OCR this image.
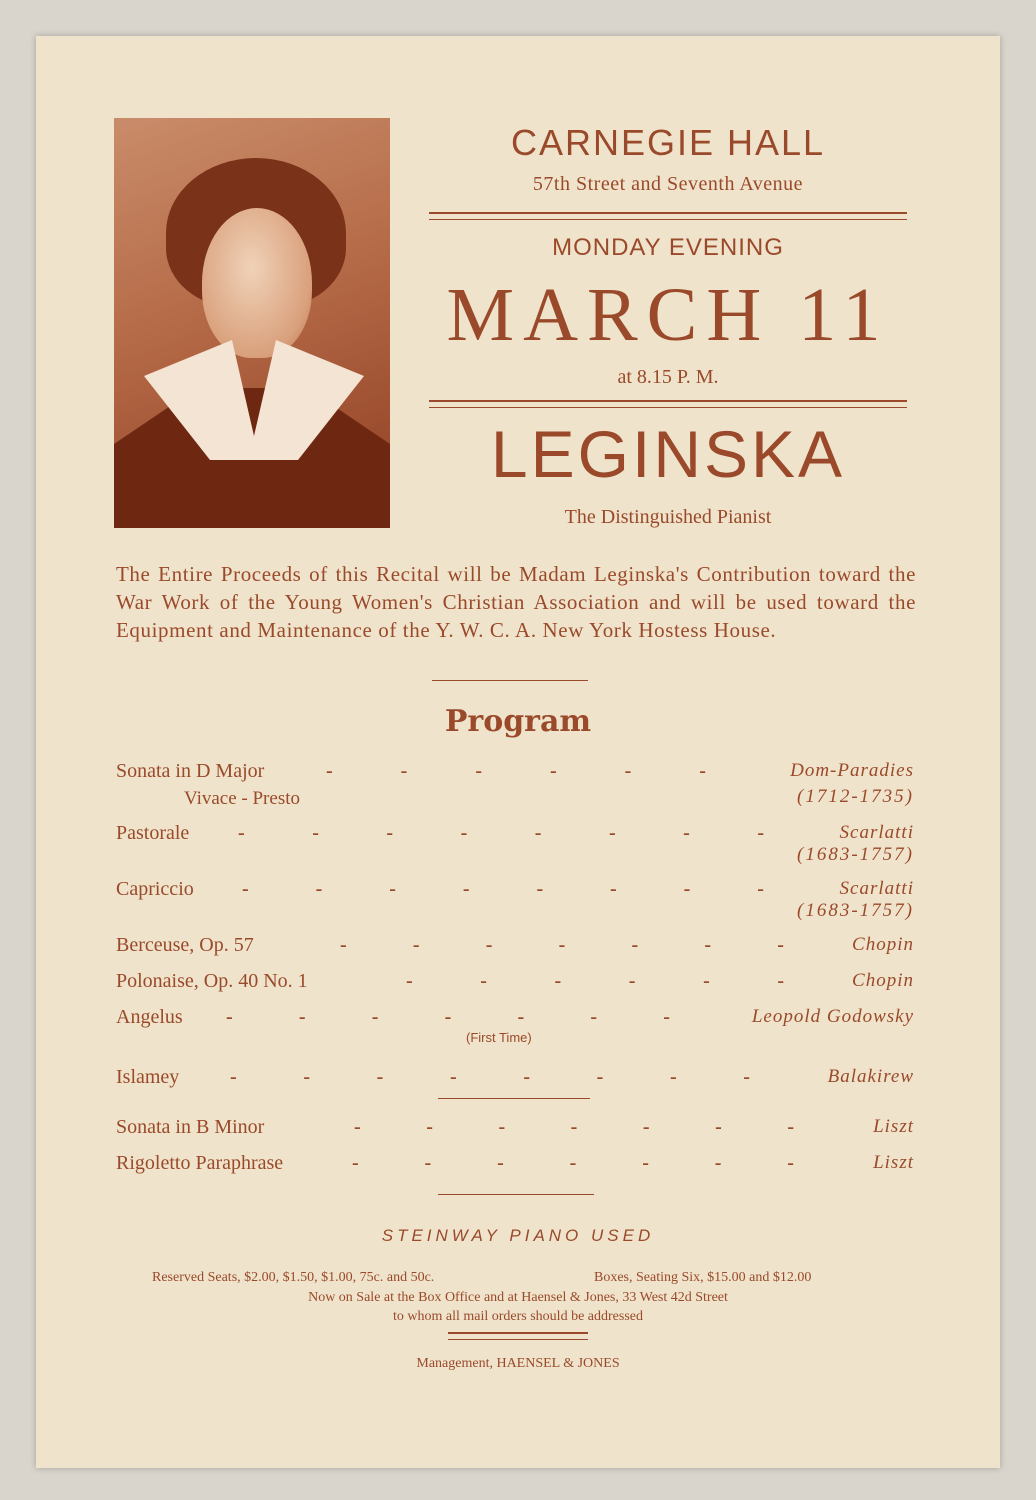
CARNEGIE HALL
57th Street and Seventh Avenue
MONDAY EVENING
MARCH 11
at 8.15 P. M.
LEGINSKA
The Distinguished Pianist
The Entire Proceeds of this Recital will be Madam Leginska's Contribution toward the War Work of the Young Women's Christian Association and will be used toward the Equipment and Maintenance of the Y. W. C. A. New York Hostess House.
Program
Sonata in D Major	-	-	-	-	-	-	Dom-Paradies
Vivace - Presto	(1712-1735)
Pastorale -	-	-	-	-	-	-	-	Scarlatti
(1683-1757)
Capriccio -	-	-	-	-	-	-	-	Scarlatti
(1683-1757)
Berceuse, Op. 57	-	-	-	-	-	-	-	Chopin
Polonaise, Op. 40 No. 1	-	-	-	-	-	-	Chopin
Angelus -	-	-	-	-	-	-	Leopold Godowsky
(First Time)
Islamey	-	-	-	-	-	-	-	-	Balakirew
Sonata in B Minor	-	-	-	-	-	-	-	Liszt
Rigoletto Paraphrase	-	-	-	-	-	-	-	Liszt
STEINWAY PIANO USED
Reserved Seats, $2.00, $1.50, $1.00, 75c. and 50c.	Boxes, Seating Six, $15.00 and $12.00
Now on Sale at the Box Office and at Haensel & Jones, 33 West 42d Street
to whom all mail orders should be addressed
Management, HAENSEL & JONES
